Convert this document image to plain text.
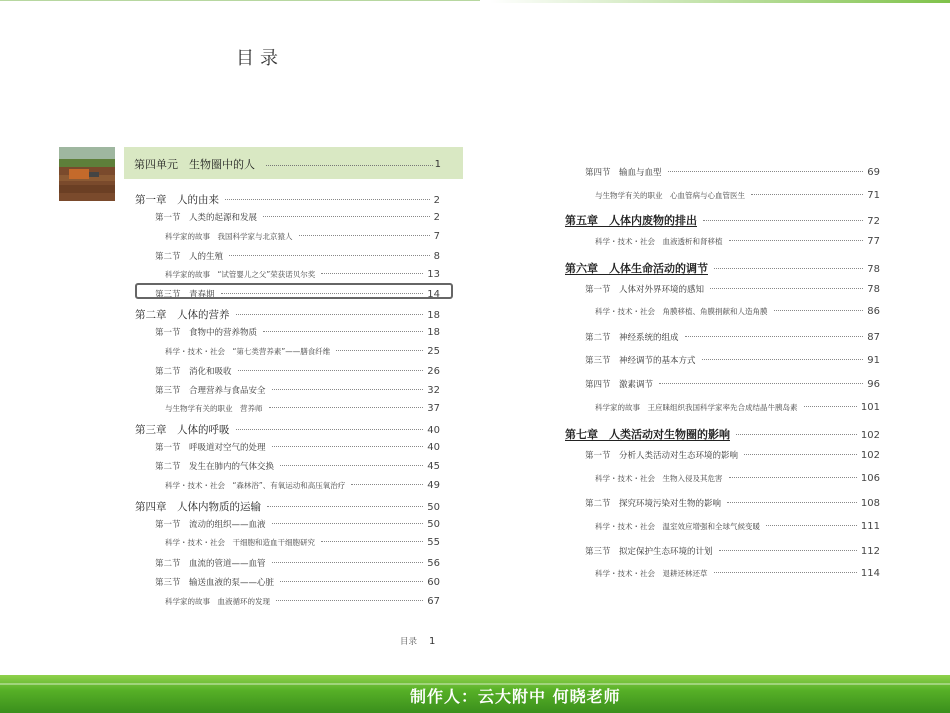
目录
第四单元　生物圈中的人	1
第一章　人的由来	2
第一节　人类的起源和发展	2
科学家的故事　我国科学家与北京猿人	7
第二节　人的生殖	8
科学家的故事　“试管婴儿之父”荣获诺贝尔奖	13
第三节　青春期	14
第二章　人体的营养	18
第一节　食物中的营养物质	18
科学・技术・社会　“第七类营养素”——膳食纤维	25
第二节　消化和吸收	26
第三节　合理营养与食品安全	32
与生物学有关的职业　营养师	37
第三章　人体的呼吸	40
第一节　呼吸道对空气的处理	40
第二节　发生在肺内的气体交换	45
科学・技术・社会　“森林浴”、有氧运动和高压氧治疗	49
第四章　人体内物质的运输	50
第一节　流动的组织——血液	50
科学・技术・社会　干细胞和造血干细胞研究	55
第二节　血流的管道——血管	56
第三节　输送血液的泵——心脏	60
科学家的故事　血液循环的发现	67
第四节　输血与血型	69
与生物学有关的职业　心血管病与心血管医生	71
第五章　人体内废物的排出	72
科学・技术・社会　血液透析和肾移植	77
第六章　人体生命活动的调节	78
第一节　人体对外界环境的感知	78
科学・技术・社会　角膜移植、角膜捐献和人造角膜	86
第二节　神经系统的组成	87
第三节　神经调节的基本方式	91
第四节　激素调节	96
科学家的故事　王应睐组织我国科学家率先合成结晶牛胰岛素	101
第七章　人类活动对生物圈的影响	102
第一节　分析人类活动对生态环境的影响	102
科学・技术・社会　生物入侵及其危害	106
第二节　探究环境污染对生物的影响	108
科学・技术・社会　温室效应增强和全球气候变暖	111
第三节　拟定保护生态环境的计划	112
科学・技术・社会　退耕还林还草	114
目录 1
制作人：云大附中 何晓老师
